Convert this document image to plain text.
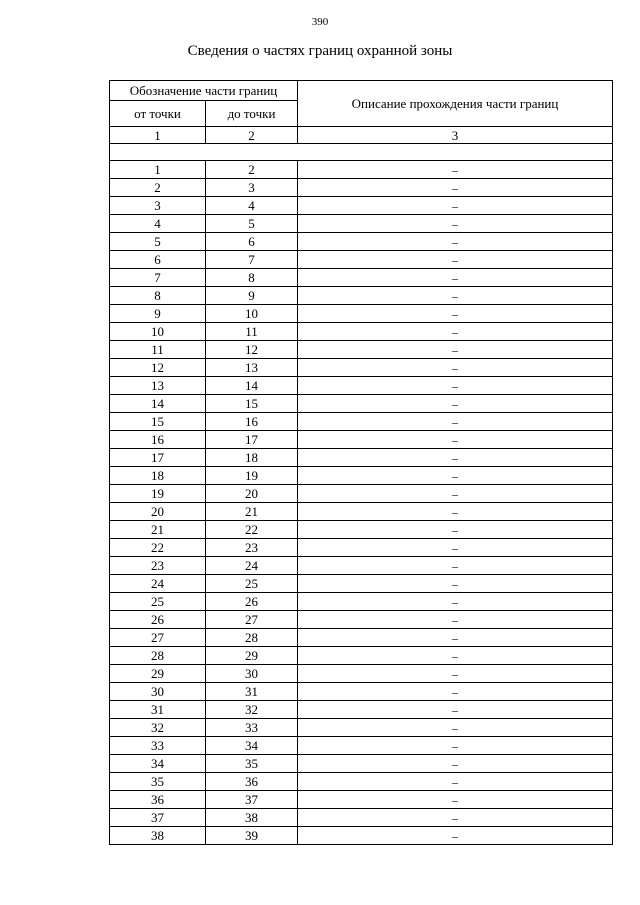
390
Сведения о частях границ охранной зоны
Обозначение части границ		Описание прохождения части границ
от точки	до точки	
1	2	3

1	2	–
2	3	–
3	4	–
4	5	–
5	6	–
6	7	–
7	8	–
8	9	–
9	10	–
10	11	–
11	12	–
12	13	–
13	14	–
14	15	–
15	16	–
16	17	–
17	18	–
18	19	–
19	20	–
20	21	–
21	22	–
22	23	–
23	24	–
24	25	–
25	26	–
26	27	–
27	28	–
28	29	–
29	30	–
30	31	–
31	32	–
32	33	–
33	34	–
34	35	–
35	36	–
36	37	–
37	38	–
38	39	–
